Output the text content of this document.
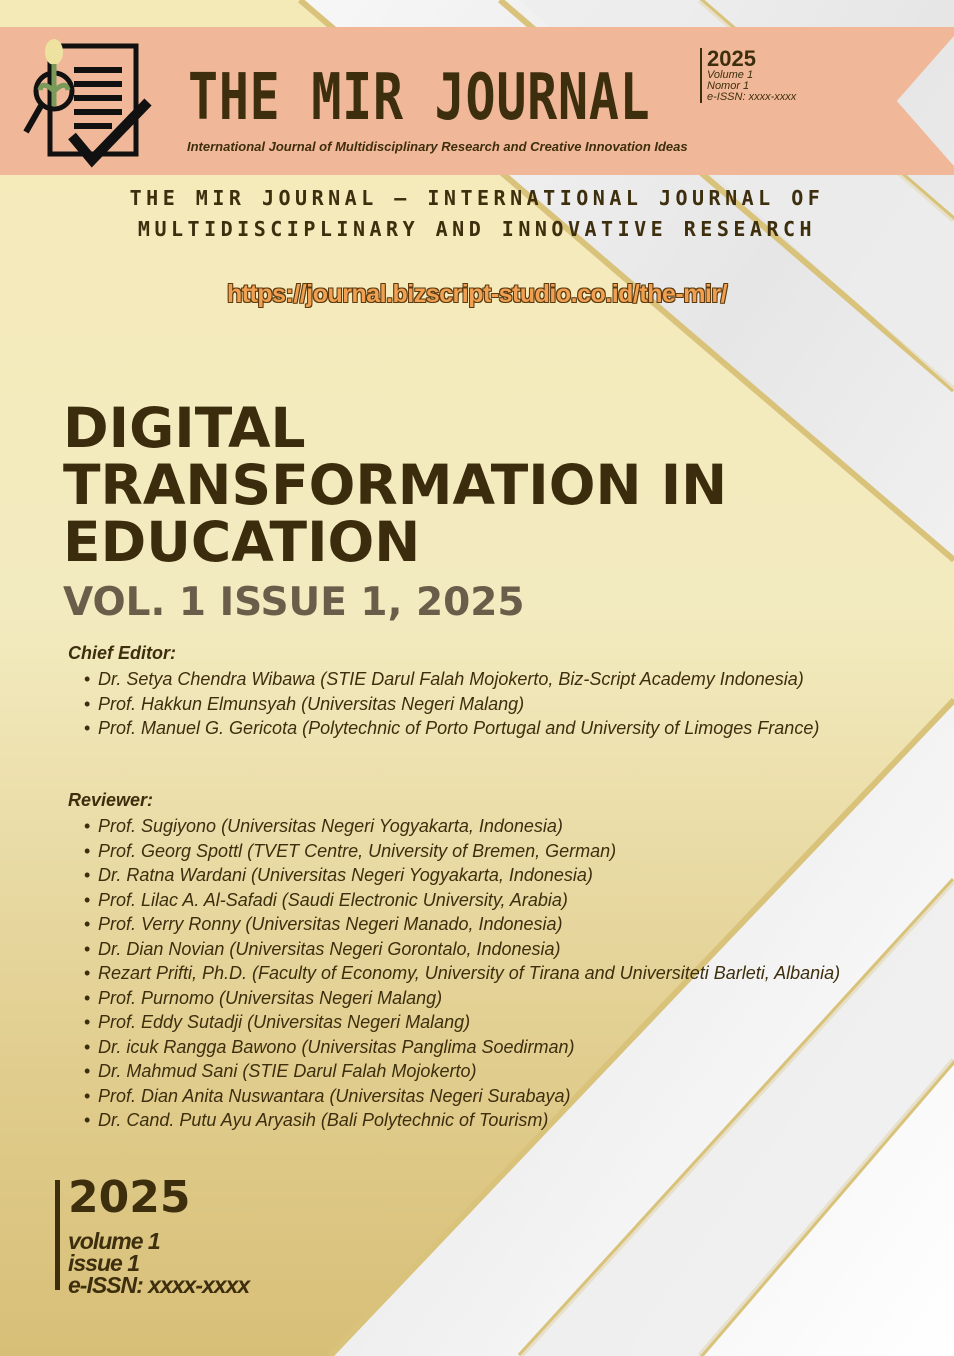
THE MIR JOURNAL
International Journal of Multidisciplinary Research and Creative Innovation Ideas
2025
Volume 1
Nomor 1
e-ISSN: xxxx-xxxx
THE MIR JOURNAL — INTERNATIONAL JOURNAL OF
MULTIDISCIPLINARY AND INNOVATIVE RESEARCH
https://journal.bizscript-studio.co.id/the-mir/
DIGITAL
TRANSFORMATION IN
EDUCATION
VOL. 1 ISSUE 1, 2025
Chief Editor:
• Dr. Setya Chendra Wibawa (STIE Darul Falah Mojokerto, Biz-Script Academy Indonesia)
• Prof. Hakkun Elmunsyah (Universitas Negeri Malang)
• Prof. Manuel G. Gericota (Polytechnic of Porto Portugal and University of Limoges France)
Reviewer:
• Prof. Sugiyono (Universitas Negeri Yogyakarta, Indonesia)
• Prof. Georg Spottl (TVET Centre, University of Bremen, German)
• Dr. Ratna Wardani (Universitas Negeri Yogyakarta, Indonesia)
• Prof. Lilac A. Al-Safadi (Saudi Electronic University, Arabia)
• Prof. Verry Ronny (Universitas Negeri Manado, Indonesia)
• Dr. Dian Novian (Universitas Negeri Gorontalo, Indonesia)
• Rezart Prifti, Ph.D. (Faculty of Economy, University of Tirana and Universiteti Barleti, Albania)
• Prof. Purnomo (Universitas Negeri Malang)
• Prof. Eddy Sutadji (Universitas Negeri Malang)
• Dr. icuk Rangga Bawono (Universitas Panglima Soedirman)
• Dr. Mahmud Sani (STIE Darul Falah Mojokerto)
• Prof. Dian Anita Nuswantara (Universitas Negeri Surabaya)
• Dr. Cand. Putu Ayu Aryasih (Bali Polytechnic of Tourism)
2025
volume 1
issue 1
e-ISSN: xxxx-xxxx
